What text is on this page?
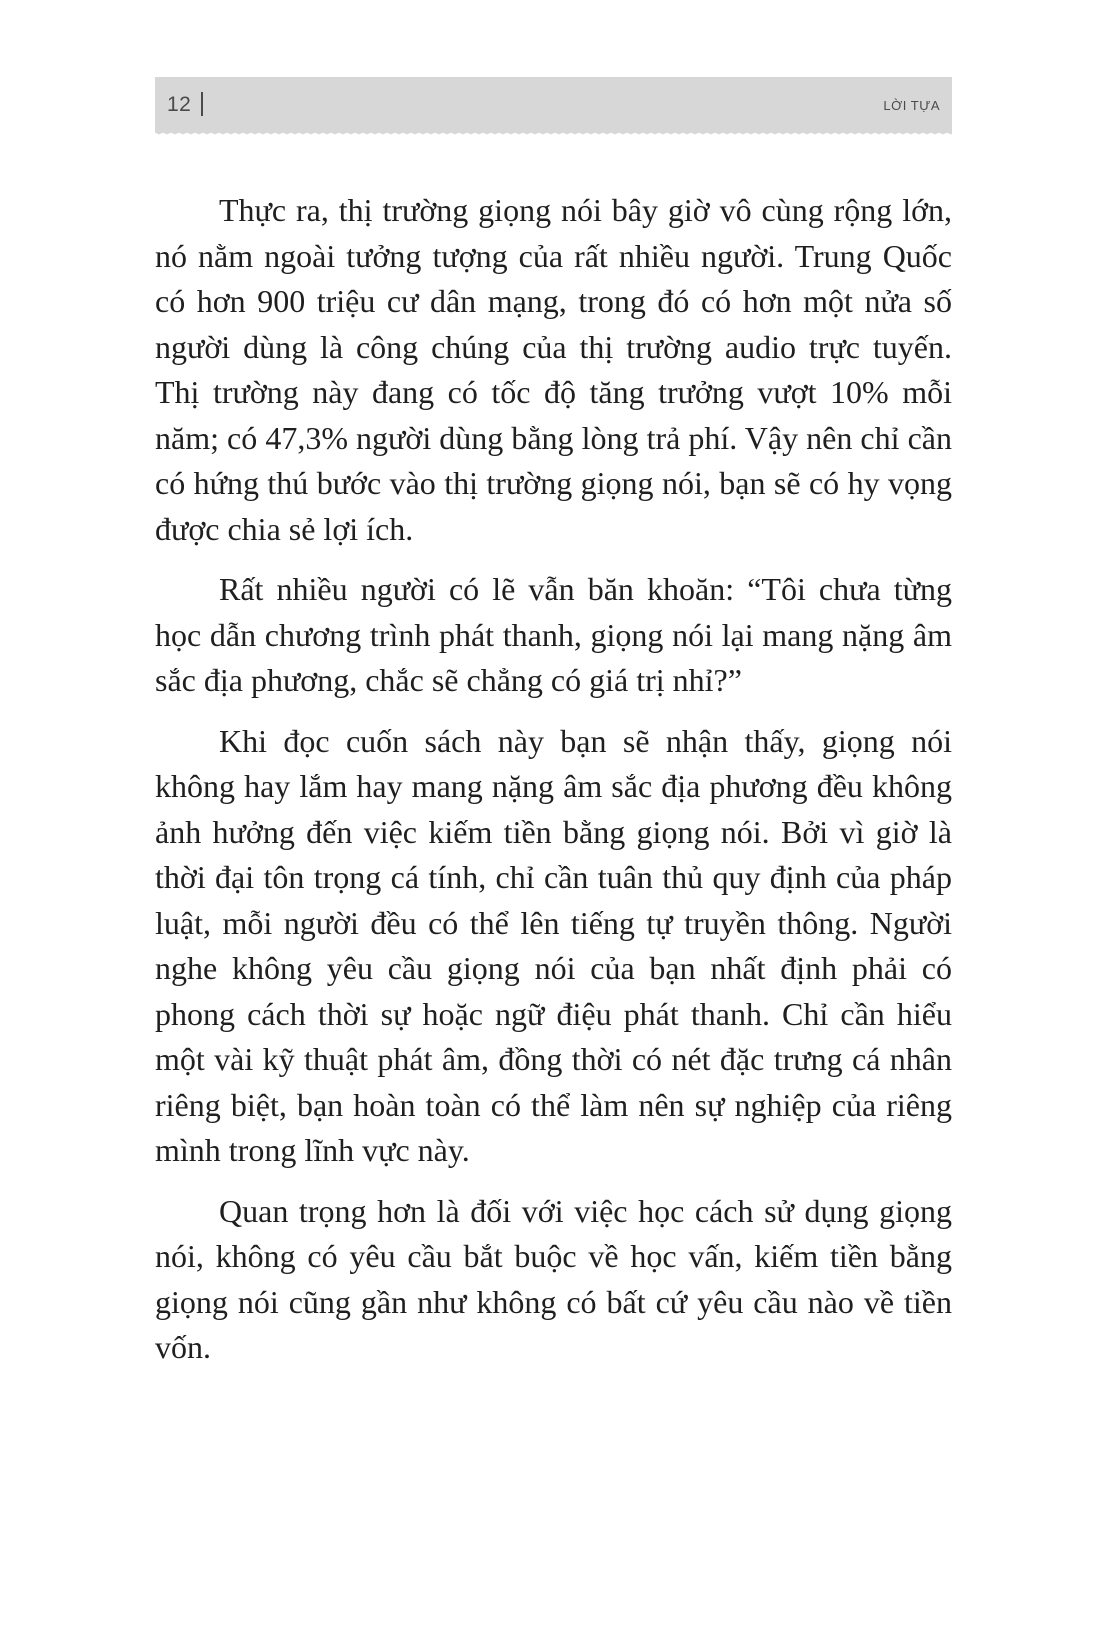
12	LỜI TỰA

Thực ra, thị trường giọng nói bây giờ vô cùng rộng lớn, nó nằm ngoài tưởng tượng của rất nhiều người. Trung Quốc có hơn 900 triệu cư dân mạng, trong đó có hơn một nửa số người dùng là công chúng của thị trường audio trực tuyến. Thị trường này đang có tốc độ tăng trưởng vượt 10% mỗi năm; có 47,3% người dùng bằng lòng trả phí. Vậy nên chỉ cần có hứng thú bước vào thị trường giọng nói, bạn sẽ có hy vọng được chia sẻ lợi ích.

Rất nhiều người có lẽ vẫn băn khoăn: “Tôi chưa từng học dẫn chương trình phát thanh, giọng nói lại mang nặng âm sắc địa phương, chắc sẽ chẳng có giá trị nhỉ?”

Khi đọc cuốn sách này bạn sẽ nhận thấy, giọng nói không hay lắm hay mang nặng âm sắc địa phương đều không ảnh hưởng đến việc kiếm tiền bằng giọng nói. Bởi vì giờ là thời đại tôn trọng cá tính, chỉ cần tuân thủ quy định của pháp luật, mỗi người đều có thể lên tiếng tự truyền thông. Người nghe không yêu cầu giọng nói của bạn nhất định phải có phong cách thời sự hoặc ngữ điệu phát thanh. Chỉ cần hiểu một vài kỹ thuật phát âm, đồng thời có nét đặc trưng cá nhân riêng biệt, bạn hoàn toàn có thể làm nên sự nghiệp của riêng mình trong lĩnh vực này.

Quan trọng hơn là đối với việc học cách sử dụng giọng nói, không có yêu cầu bắt buộc về học vấn, kiếm tiền bằng giọng nói cũng gần như không có bất cứ yêu cầu nào về tiền vốn.
